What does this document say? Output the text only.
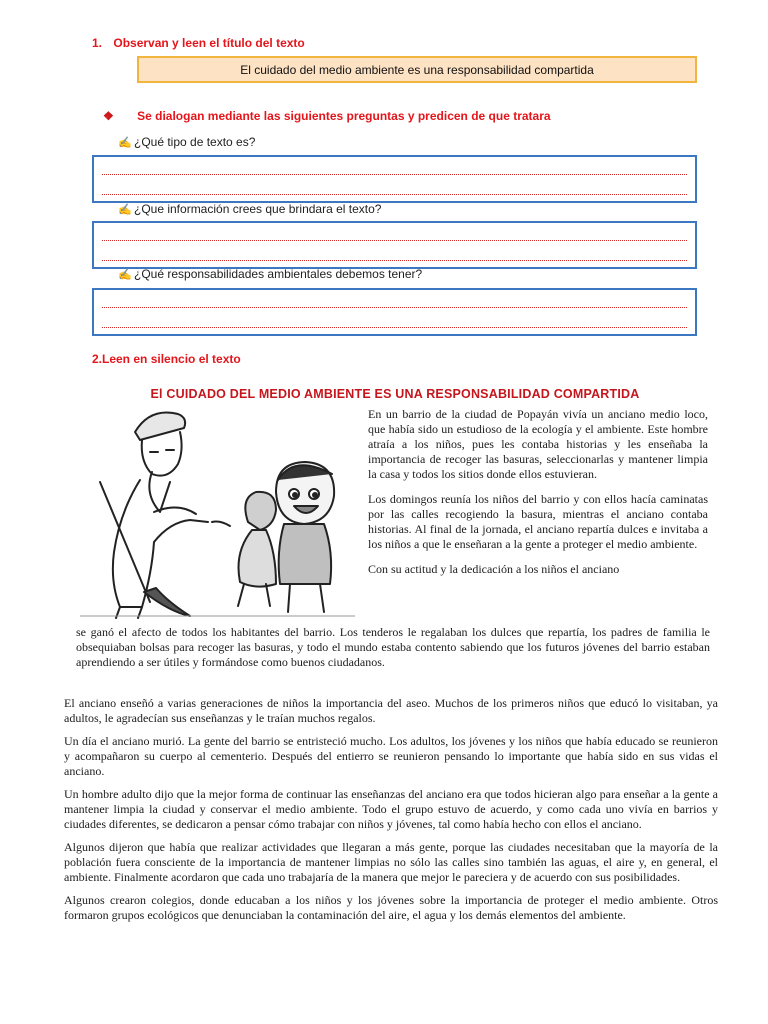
1. Observan y leen el título del texto
El cuidado del medio ambiente es una responsabilidad compartida
❖ Se dialogan mediante las siguientes preguntas y predicen de que tratara
✍ ¿Qué tipo de texto es?
✍ ¿Que información crees que brindara el texto?
✍ ¿Qué responsabilidades ambientales debemos tener?
2.Leen en silencio el texto
El CUIDADO DEL MEDIO AMBIENTE ES UNA RESPONSABILIDAD COMPARTIDA

En un barrio de la ciudad de Popayán vivía un anciano medio loco, que había sido un estudioso de la ecología y el ambiente. Este hombre atraía a los niños, pues les contaba historias y les enseñaba la importancia de recoger las basuras, seleccionarlas y mantener limpia la casa y todos los sitios donde ellos estuvieran.

Los domingos reunía los niños del barrio y con ellos hacía caminatas por las calles recogiendo la basura, mientras el anciano contaba historias. Al final de la jornada, el anciano repartía dulces e invitaba a los niños a que le enseñaran a la gente a proteger el medio ambiente.

Con su actitud y la dedicación a los niños el anciano

se ganó el afecto de todos los habitantes del barrio. Los tenderos le regalaban los dulces que repartía, los padres de familia le obsequiaban bolsas para recoger las basuras, y todo el mundo estaba contento sabiendo que los futuros jóvenes del barrio estaban aprendiendo a ser útiles y formándose como buenos ciudadanos.

El anciano enseñó a varias generaciones de niños la importancia del aseo. Muchos de los primeros niños que educó lo visitaban, ya adultos, le agradecían sus enseñanzas y le traían muchos regalos.

Un día el anciano murió. La gente del barrio se entristeció mucho. Los adultos, los jóvenes y los niños que había educado se reunieron y acompañaron su cuerpo al cementerio. Después del entierro se reunieron pensando lo importante que había sido en sus vidas el anciano.

Un hombre adulto dijo que la mejor forma de continuar las enseñanzas del anciano era que todos hicieran algo para enseñar a la gente a mantener limpia la ciudad y conservar el medio ambiente. Todo el grupo estuvo de acuerdo, y como cada uno vivía en barrios y ciudades diferentes, se dedicaron a pensar cómo trabajar con niños y jóvenes, tal como había hecho con ellos el anciano.

Algunos dijeron que había que realizar actividades que llegaran a más gente, porque las ciudades necesitaban que la mayoría de la población fuera consciente de la importancia de mantener limpias no sólo las calles sino también las aguas, el aire y, en general, el ambiente. Finalmente acordaron que cada uno trabajaría de la manera que mejor le pareciera y de acuerdo con sus posibilidades.

Algunos crearon colegios, donde educaban a los niños y los jóvenes sobre la importancia de proteger el medio ambiente. Otros formaron grupos ecológicos que denunciaban la contaminación del aire, el agua y los demás elementos del ambiente.
